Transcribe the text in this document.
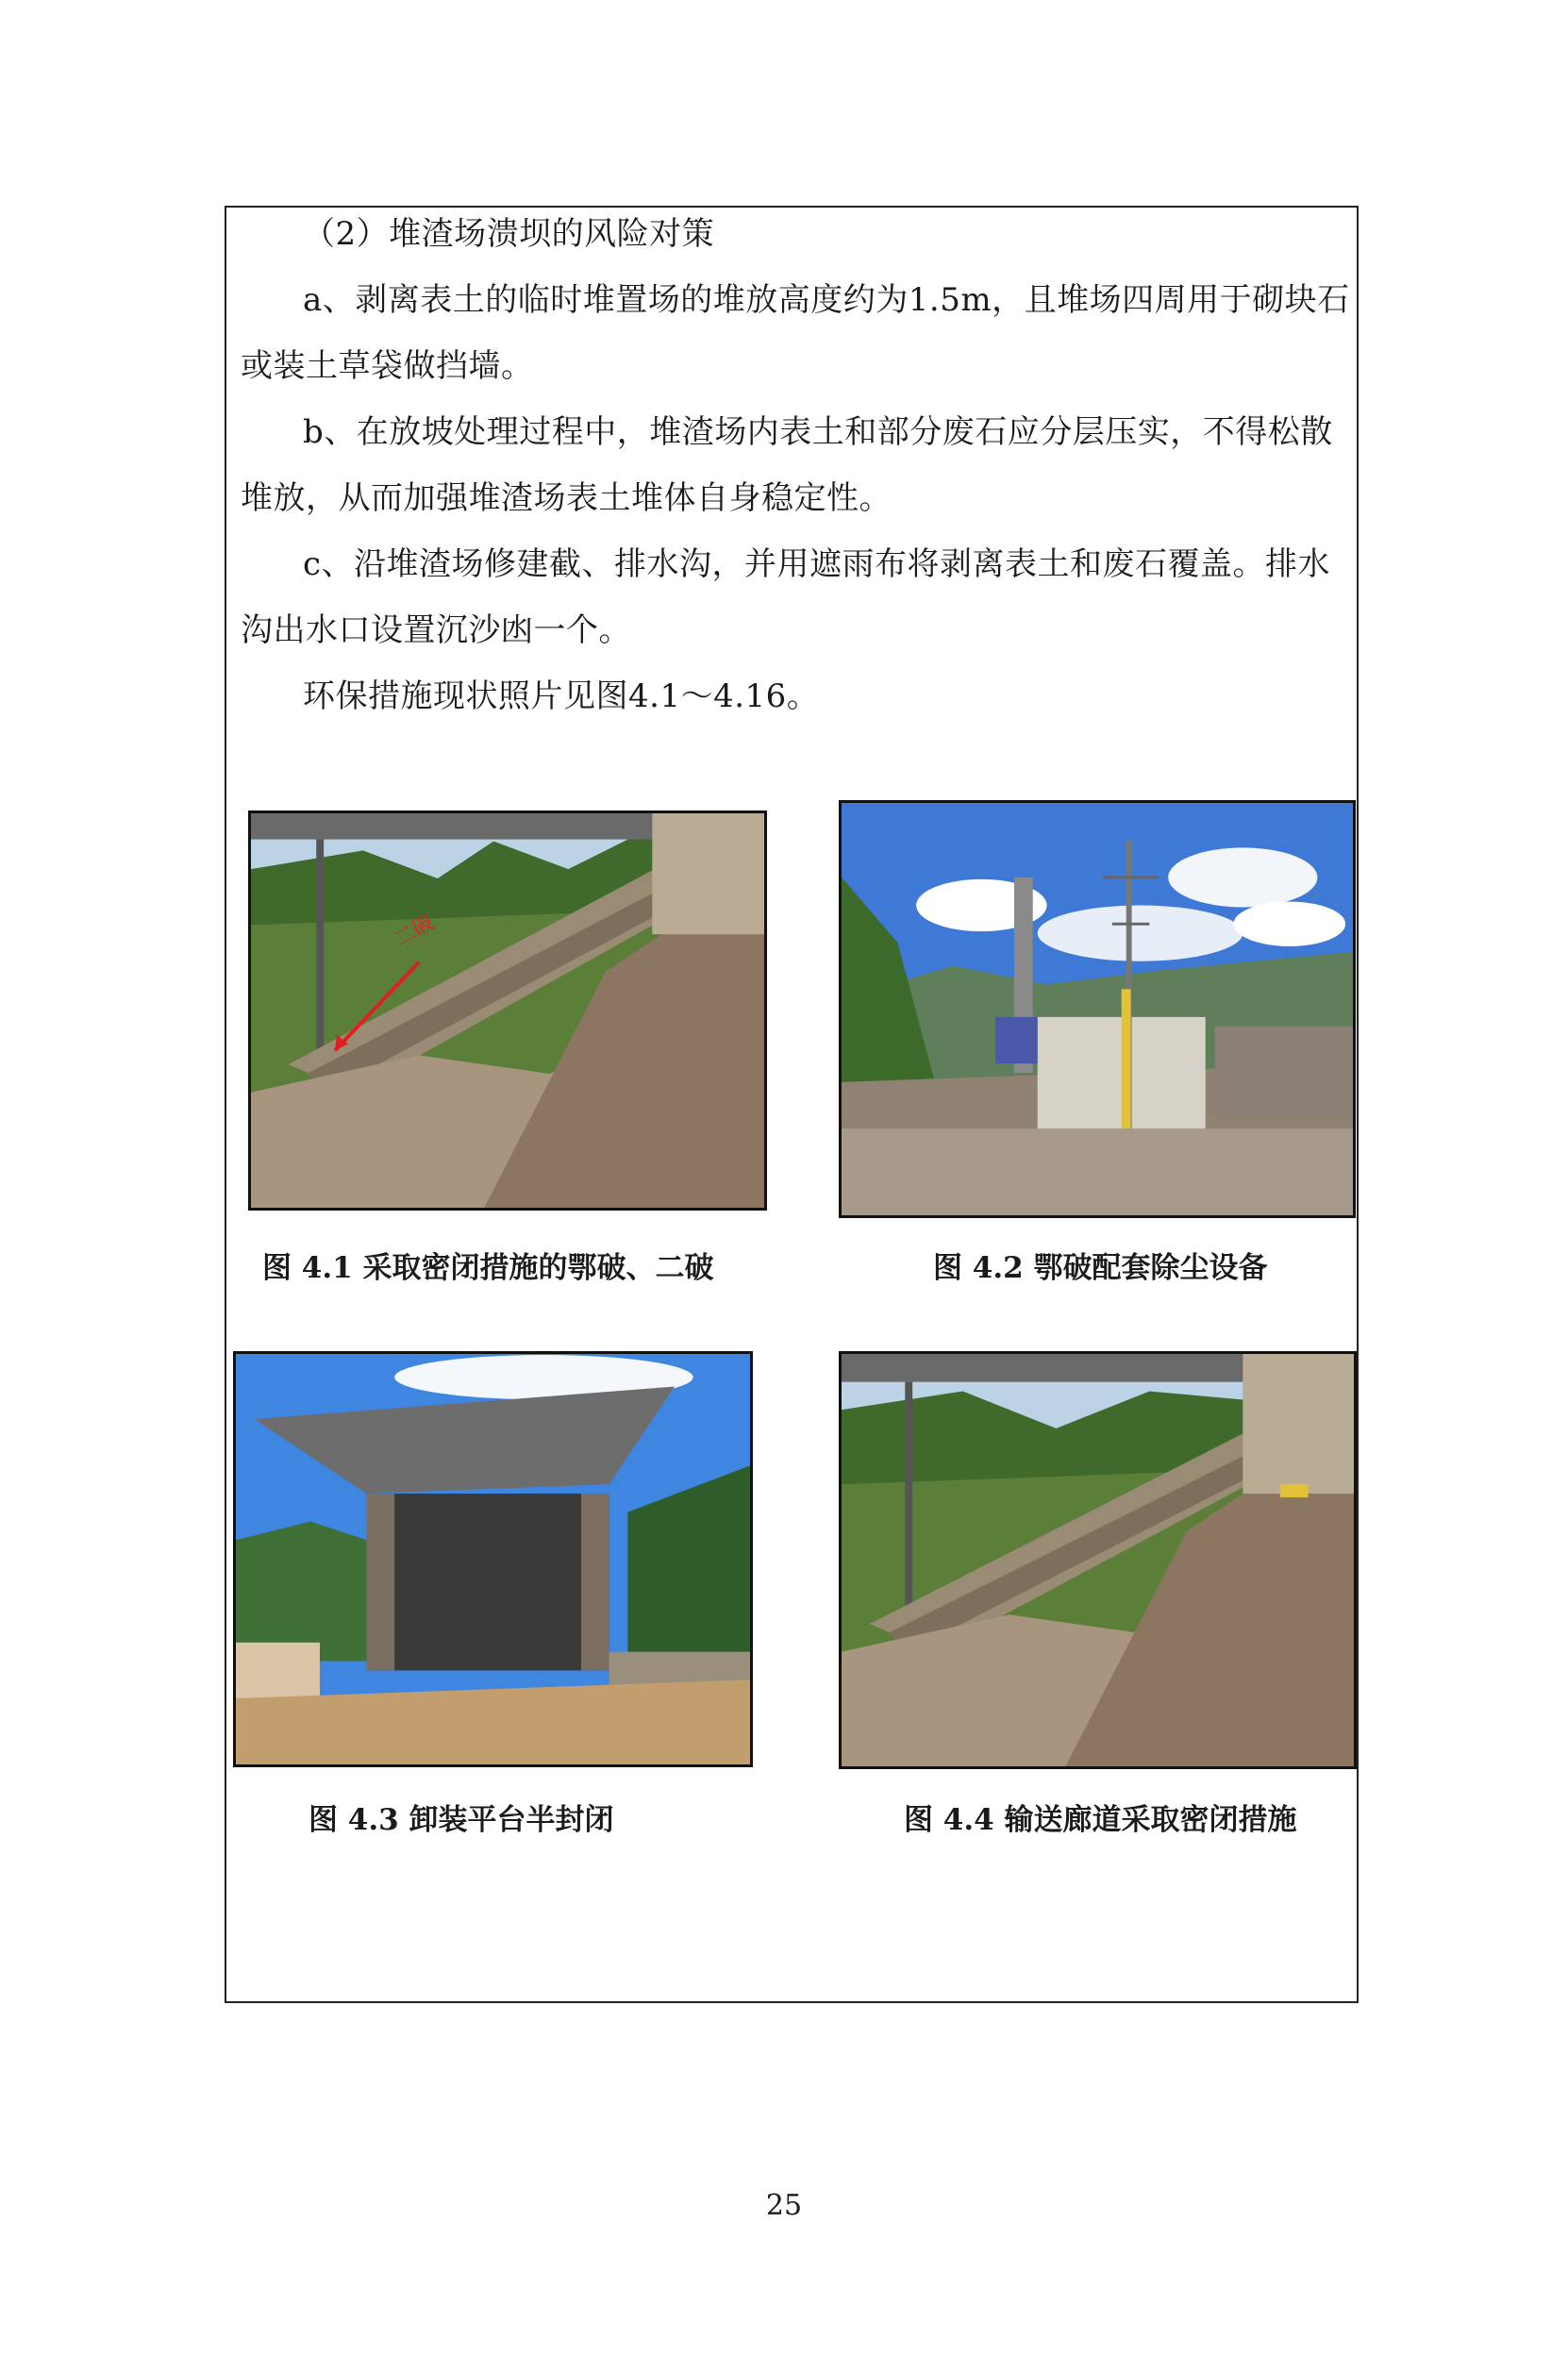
（2）堆渣场溃坝的风险对策

a、剥离表土的临时堆置场的堆放高度约为1.5m，且堆场四周用于砌块石或装土草袋做挡墙。

b、在放坡处理过程中，堆渣场内表土和部分废石应分层压实，不得松散堆放，从而加强堆渣场表土堆体自身稳定性。

c、沿堆渣场修建截、排水沟，并用遮雨布将剥离表土和废石覆盖。排水沟出水口设置沉沙凼一个。

环保措施现状照片见图4.1～4.16。

二破
图 4.1 采取密闭措施的鄂破、二破	图 4.2 鄂破配套除尘设备
图 4.3 卸装平台半封闭	图 4.4 输送廊道采取密闭措施
25
